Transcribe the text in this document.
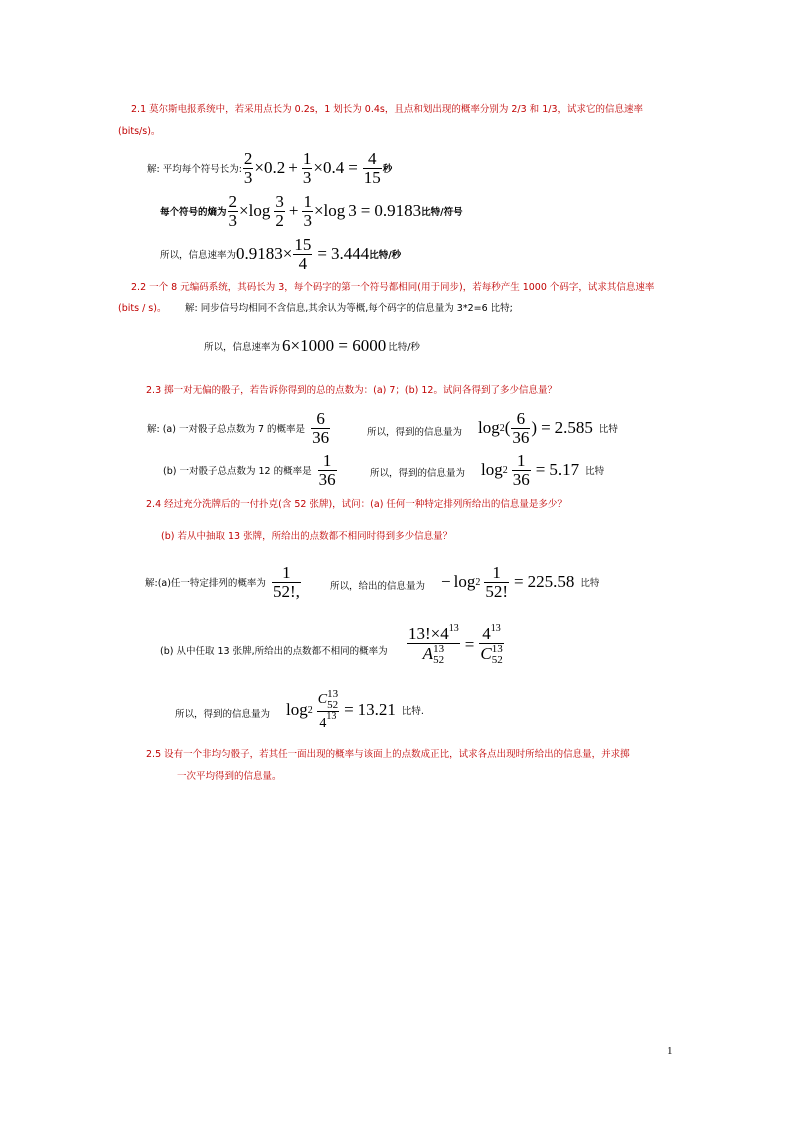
2.1 莫尔斯电报系统中，若采用点长为 0.2s，1 划长为 0.4s，且点和划出现的概率分别为 2/3 和 1/3，试求它的信息速率
(bits/s)。
解: 平均每个符号长为: $\frac{2}{3} \times 0.2 + \frac{1}{3} \times 0.4 = \frac{4}{15}$ 秒
每个符号的熵为 $\frac{2}{3} \times \log \frac{3}{2} + \frac{1}{3} \times \log 3 = 0.9183$ 比特/符号
所以，信息速率为 $0.9183 \times \frac{15}{4} = 3.444$ 比特/秒
2.2 一个 8 元编码系统，其码长为 3，每个码字的第一个符号都相同(用于同步)，若每秒产生 1000 个码字，试求其信息速率
(bits / s)。 解: 同步信号均相同不含信息,其余认为等概,每个码字的信息量为 3*2=6 比特;
所以，信息速率为 6×1000 = 6000 比特/秒
2.3 掷一对无偏的骰子，若告诉你得到的总的点数为：(a) 7；(b) 12。试问各得到了多少信息量？
解: (a) 一对骰子总点数为 7 的概率是 $\frac{6}{36}$	所以，得到的信息量为 log 2 ( $\frac{6}{36}$ ) = 2.585 比特
(b) 一对骰子总点数为 12 的概率是 $\frac{1}{36}$	所以，得到的信息量为 $\log 2 \frac{1}{36} = 5.17$ 比特
2.4 经过充分洗牌后的一付扑克(含 52 张牌)，试问：(a) 任何一种特定排列所给出的信息量是多少？
(b) 若从中抽取 13 张牌，所给出的点数都不相同时得到多少信息量？
解:(a)任一特定排列的概率为 $\frac{1}{52!,}$	所以，给出的信息量为 − $\log 2 \frac{1}{52!} = 225.58$ 比特
(b) 从中任取 13 张牌,所给出的点数都不相同的概率为 $13!\times 4^{13}$
A 13
$52 = 4^{13}$
C 13
52
所以，得到的信息量为 log 2 C 13
52
$4^{13} = 13.21$ 比特.
2.5 设有一个非均匀骰子，若其任一面出现的概率与该面上的点数成正比，试求各点出现时所给出的信息量，并求掷
一次平均得到的信息量。
1
